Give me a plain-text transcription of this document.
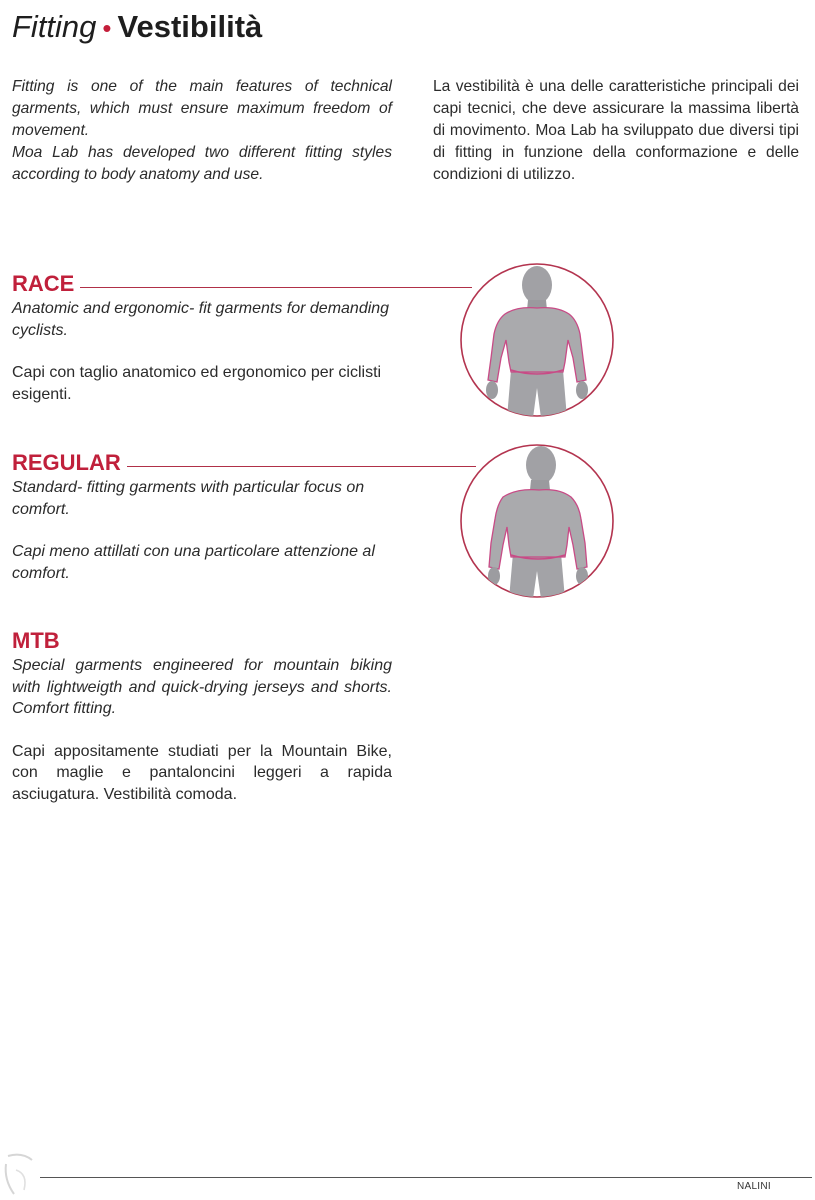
Fitting • Vestibilità

Fitting is one of the main features of technical garments, which must ensure maximum freedom of movement.

Moa Lab has developed two different fitting styles according to body anatomy and use.

La vestibilità è una delle caratteristiche principali dei capi tecnici, che deve assicurare la massima libertà di movimento. Moa Lab ha sviluppato due diversi tipi di fitting in funzione della conformazione e delle condizioni di utilizzo.

RACE

Anatomic and ergonomic- fit garments for demanding cyclists.

Capi con taglio anatomico ed ergonomico per ciclisti esigenti.

REGULAR

Standard- fitting garments with particular focus on comfort.

Capi meno attillati con una particolare attenzione al comfort.

MTB

Special garments engineered for mountain biking with lightweigth and quick-drying jerseys and shorts. Comfort fitting.

Capi appositamente studiati per la Mountain Bike, con maglie e pantaloncini leggeri a rapida asciugatura. Vestibilità comoda.

NALINI
